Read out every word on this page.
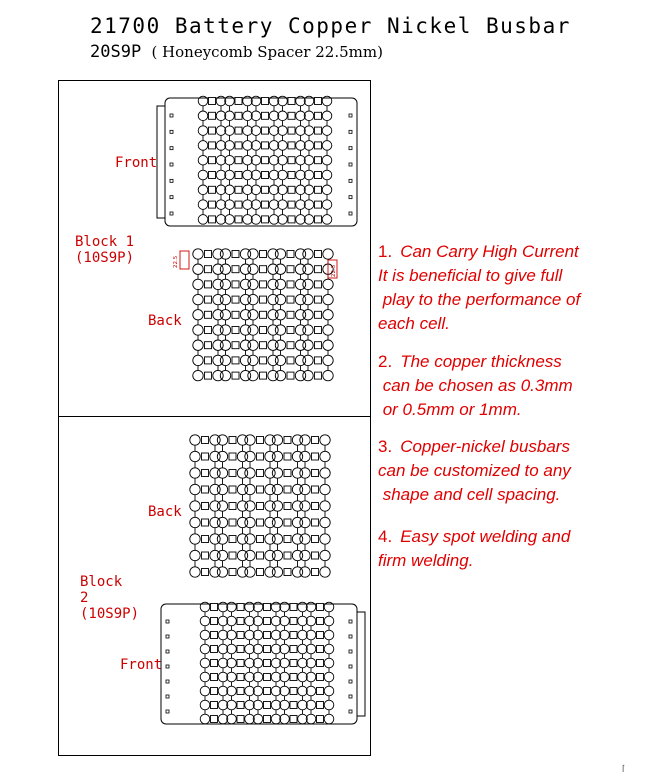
21700 Battery Copper Nickel Busbar
20S9P ( Honeycomb Spacer 22.5mm)
22.5
22.5
Front
Block 1
(10S9P)
Back
Back
Block
2
(10S9P)
Front
1. Can Carry High Current
It is beneficial to give full
play to the performance of
each cell.
2. The copper thickness
can be chosen as 0.3mm
or 0.5mm or 1mm.
3. Copper-nickel busbars
can be customized to any
shape and cell spacing.
4. Easy spot welding and
firm welding.
⌈
